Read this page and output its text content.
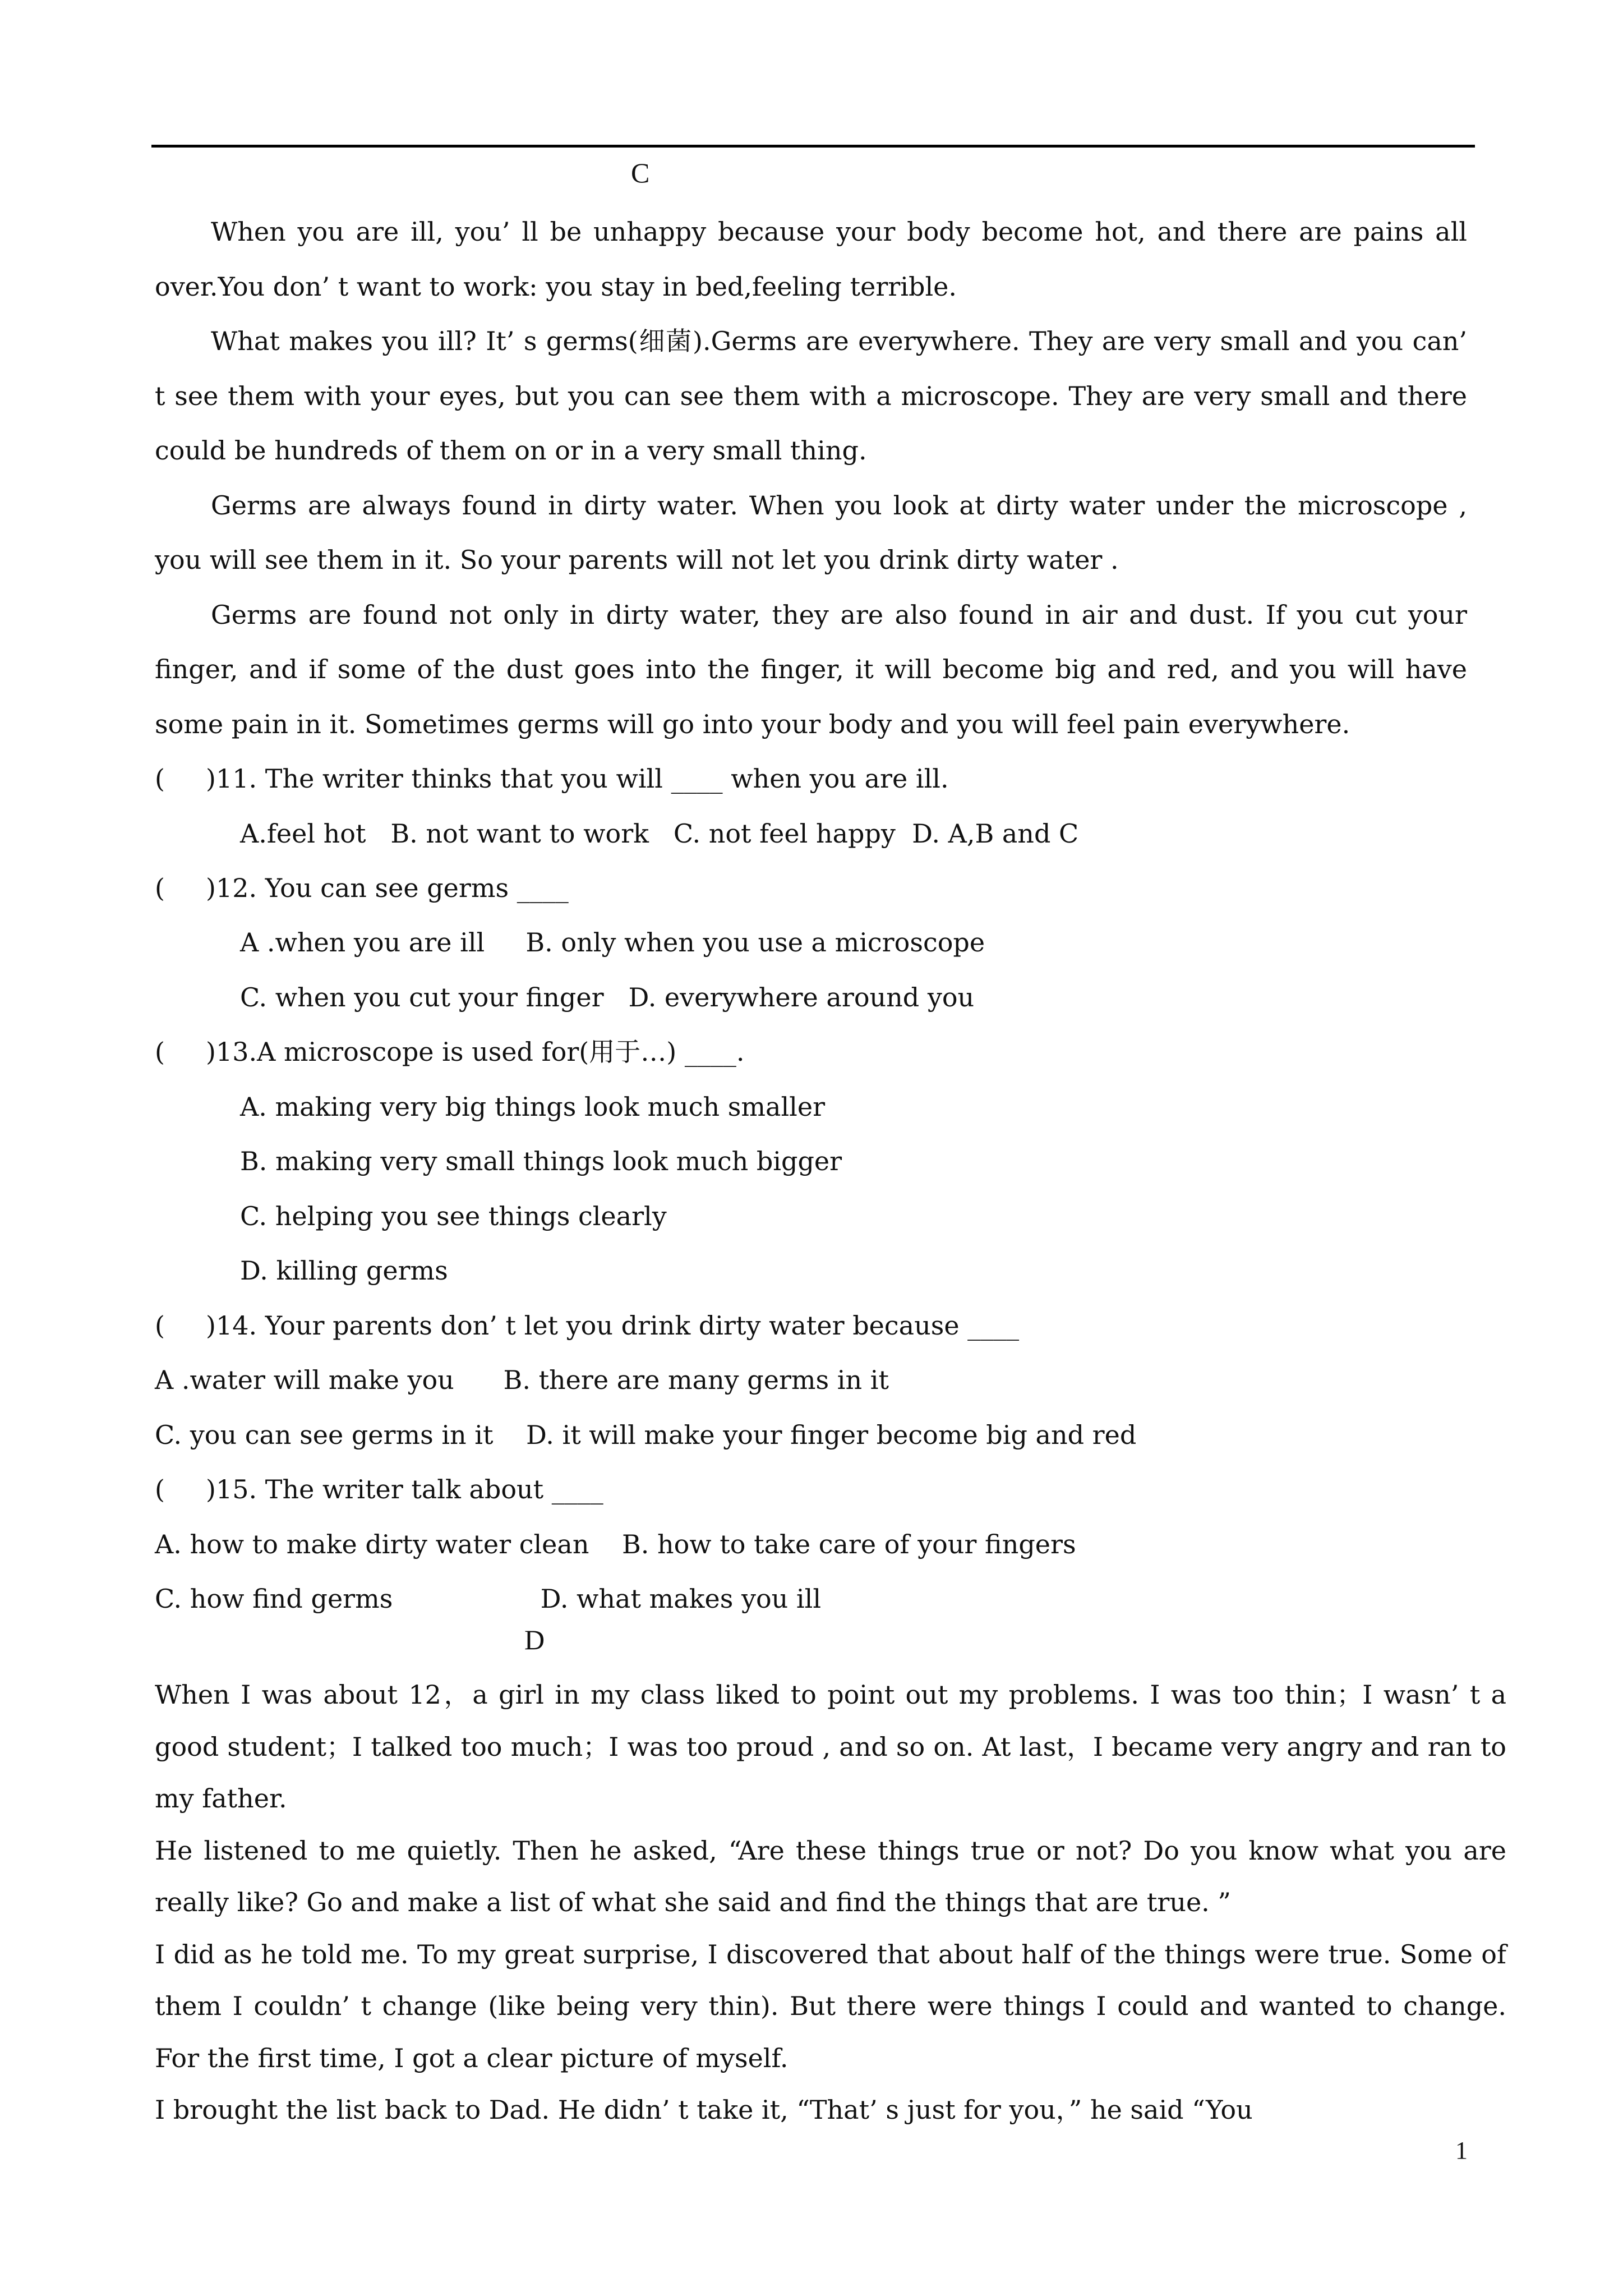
C

When you are ill, you’ ll be unhappy because your body become hot, and there are pains all over.You don’ t want to work: you stay in bed,feeling terrible.

What makes you ill? It’ s germs(细菌).Germs are everywhere. They are very small and you can’ t see them with your eyes, but you can see them with a microscope. They are very small and there could be hundreds of them on or in a very small thing.

Germs are always found in dirty water. When you look at dirty water under the microscope , you will see them in it. So your parents will not let you drink dirty water .

Germs are found not only in dirty water, they are also found in air and dust. If you cut your finger, and if some of the dust goes into the finger, it will become big and red, and you will have some pain in it. Sometimes germs will go into your body and you will feel pain everywhere.

(     )11. The writer thinks that you will ____ when you are ill.
A.feel hot   B. not want to work   C. not feel happy  D. A,B and C
(     )12. You can see germs ____
A .when you are ill     B. only when you use a microscope
C. when you cut your finger   D. everywhere around you
(     )13.A microscope is used for(用于…) ____.
A. making very big things look much smaller
B. making very small things look much bigger
C. helping you see things clearly
D. killing germs
(     )14. Your parents don’ t let you drink dirty water because ____
A .water will make you      B. there are many germs in it
C. you can see germs in it    D. it will make your finger become big and red
(     )15. The writer talk about ____
A. how to make dirty water clean    B. how to take care of your fingers
C. how find germs                  D. what makes you ill
D

When I was about 12，a girl in my class liked to point out my problems. I was too thin；I wasn’ t a good student；I talked too much；I was too proud , and so on. At last，I became very angry and ran to my father.

He listened to me quietly. Then he asked, “Are these things true or not? Do you know what you are really like? Go and make a list of what she said and find the things that are true. ”

I did as he told me. To my great surprise, I discovered that about half of the things were true. Some of them I couldn’ t change (like being very thin). But there were things I could and wanted to change. For the first time, I got a clear picture of myself.

I brought the list back to Dad. He didn’ t take it, “That’ s just for you，” he said “You

1
